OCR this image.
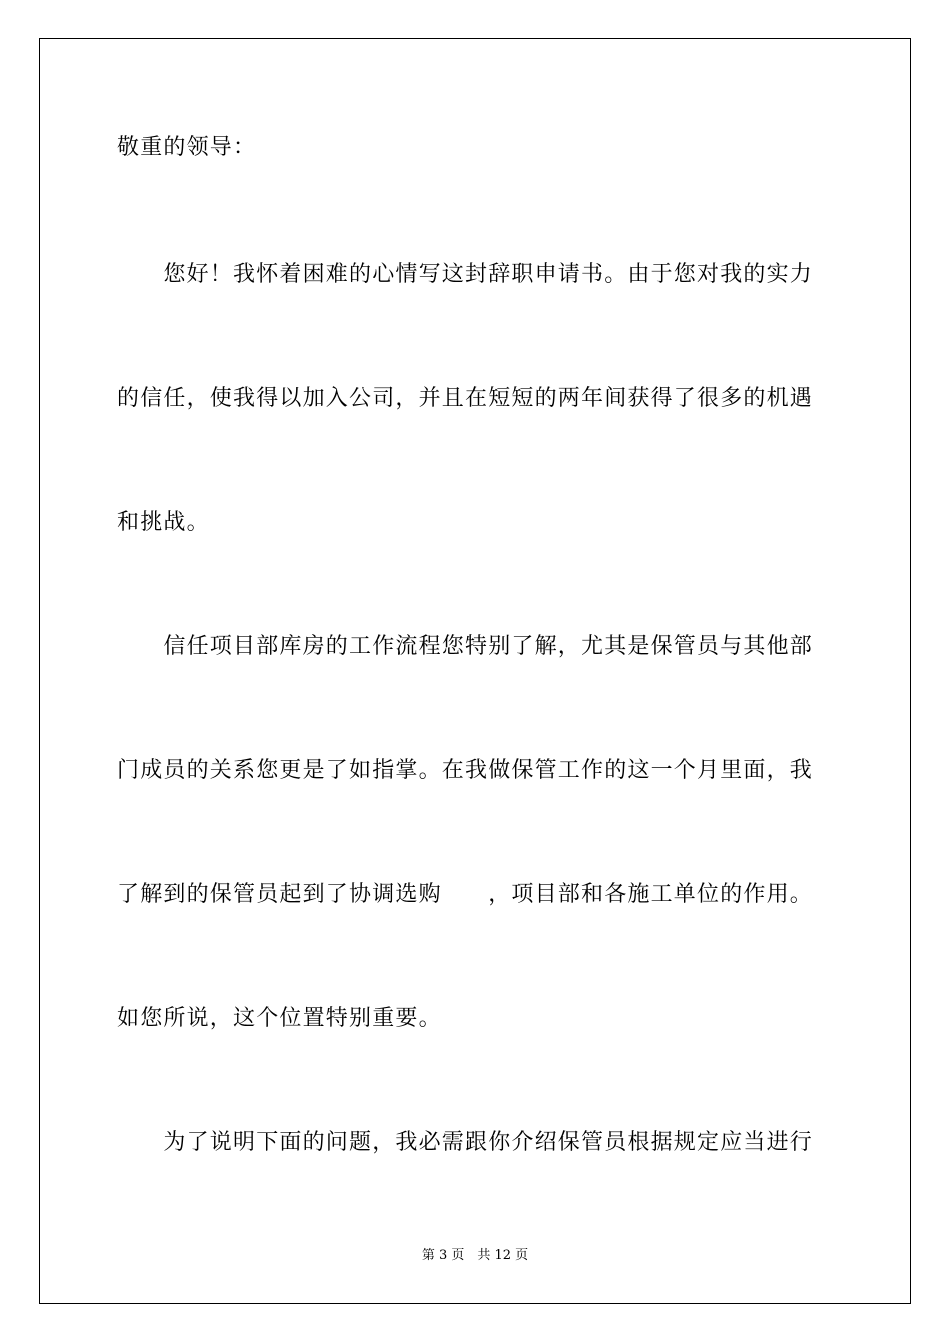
敬重的领导：
　　您好！我怀着困难的心情写这封辞职申请书。由于您对我的实力
的信任，使我得以加入公司，并且在短短的两年间获得了很多的机遇
和挑战。
　　信任项目部库房的工作流程您特别了解，尤其是保管员与其他部
门成员的关系您更是了如指掌。在我做保管工作的这一个月里面，我
了解到的保管员起到了协调选购　　，项目部和各施工单位的作用。
如您所说，这个位置特别重要。
　　为了说明下面的问题，我必需跟你介绍保管员根据规定应当进行
第 3 页　共 12 页
